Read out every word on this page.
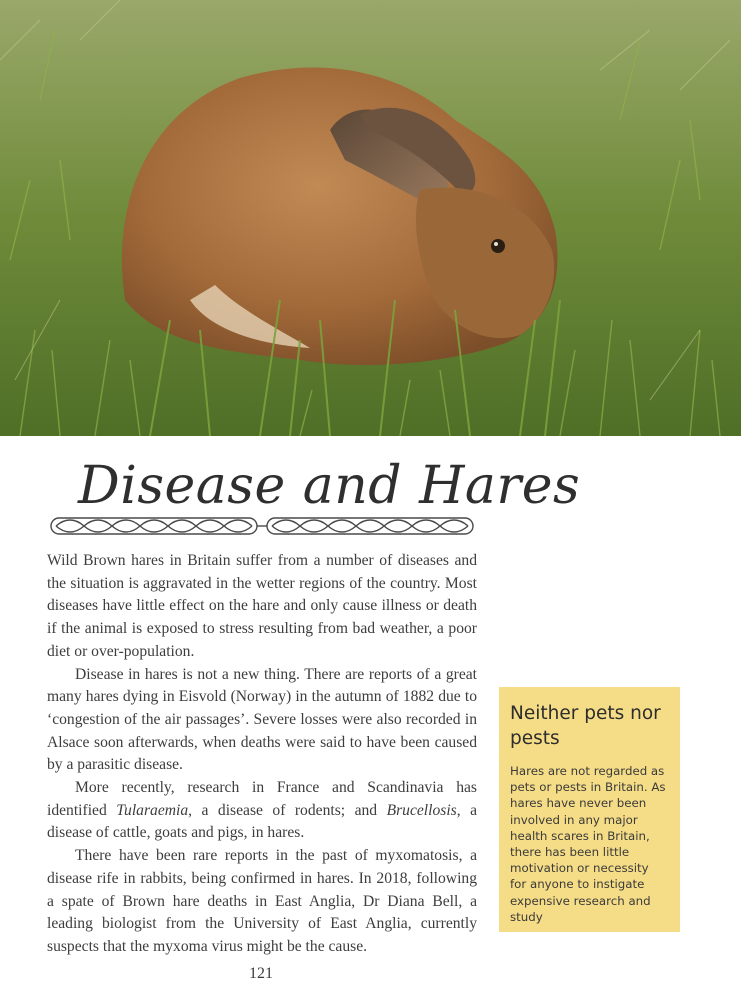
Disease and Hares

Wild Brown hares in Britain suffer from a number of diseases and the situation is aggravated in the wetter regions of the country. Most diseases have little effect on the hare and only cause illness or death if the animal is exposed to stress resulting from bad weather, a poor diet or over-population.

Disease in hares is not a new thing. There are reports of a great many hares dying in Eisvold (Norway) in the autumn of 1882 due to ‘congestion of the air passages’. Severe losses were also recorded in Alsace soon afterwards, when deaths were said to have been caused by a parasitic disease.

More recently, research in France and Scandinavia has identified Tularaemia, a disease of rodents; and Brucellosis, a disease of cattle, goats and pigs, in hares.

There have been rare reports in the past of myxomatosis, a disease rife in rabbits, being confirmed in hares. In 2018, following a spate of Brown hare deaths in East Anglia, Dr Diana Bell, a leading biologist from the University of East Anglia, currently suspects that the myxoma virus might be the cause.

Neither pets nor pests

Hares are not regarded as pets or pests in Britain. As hares have never been involved in any major health scares in Britain, there has been little motivation or necessity for anyone to instigate expensive research and study

121
